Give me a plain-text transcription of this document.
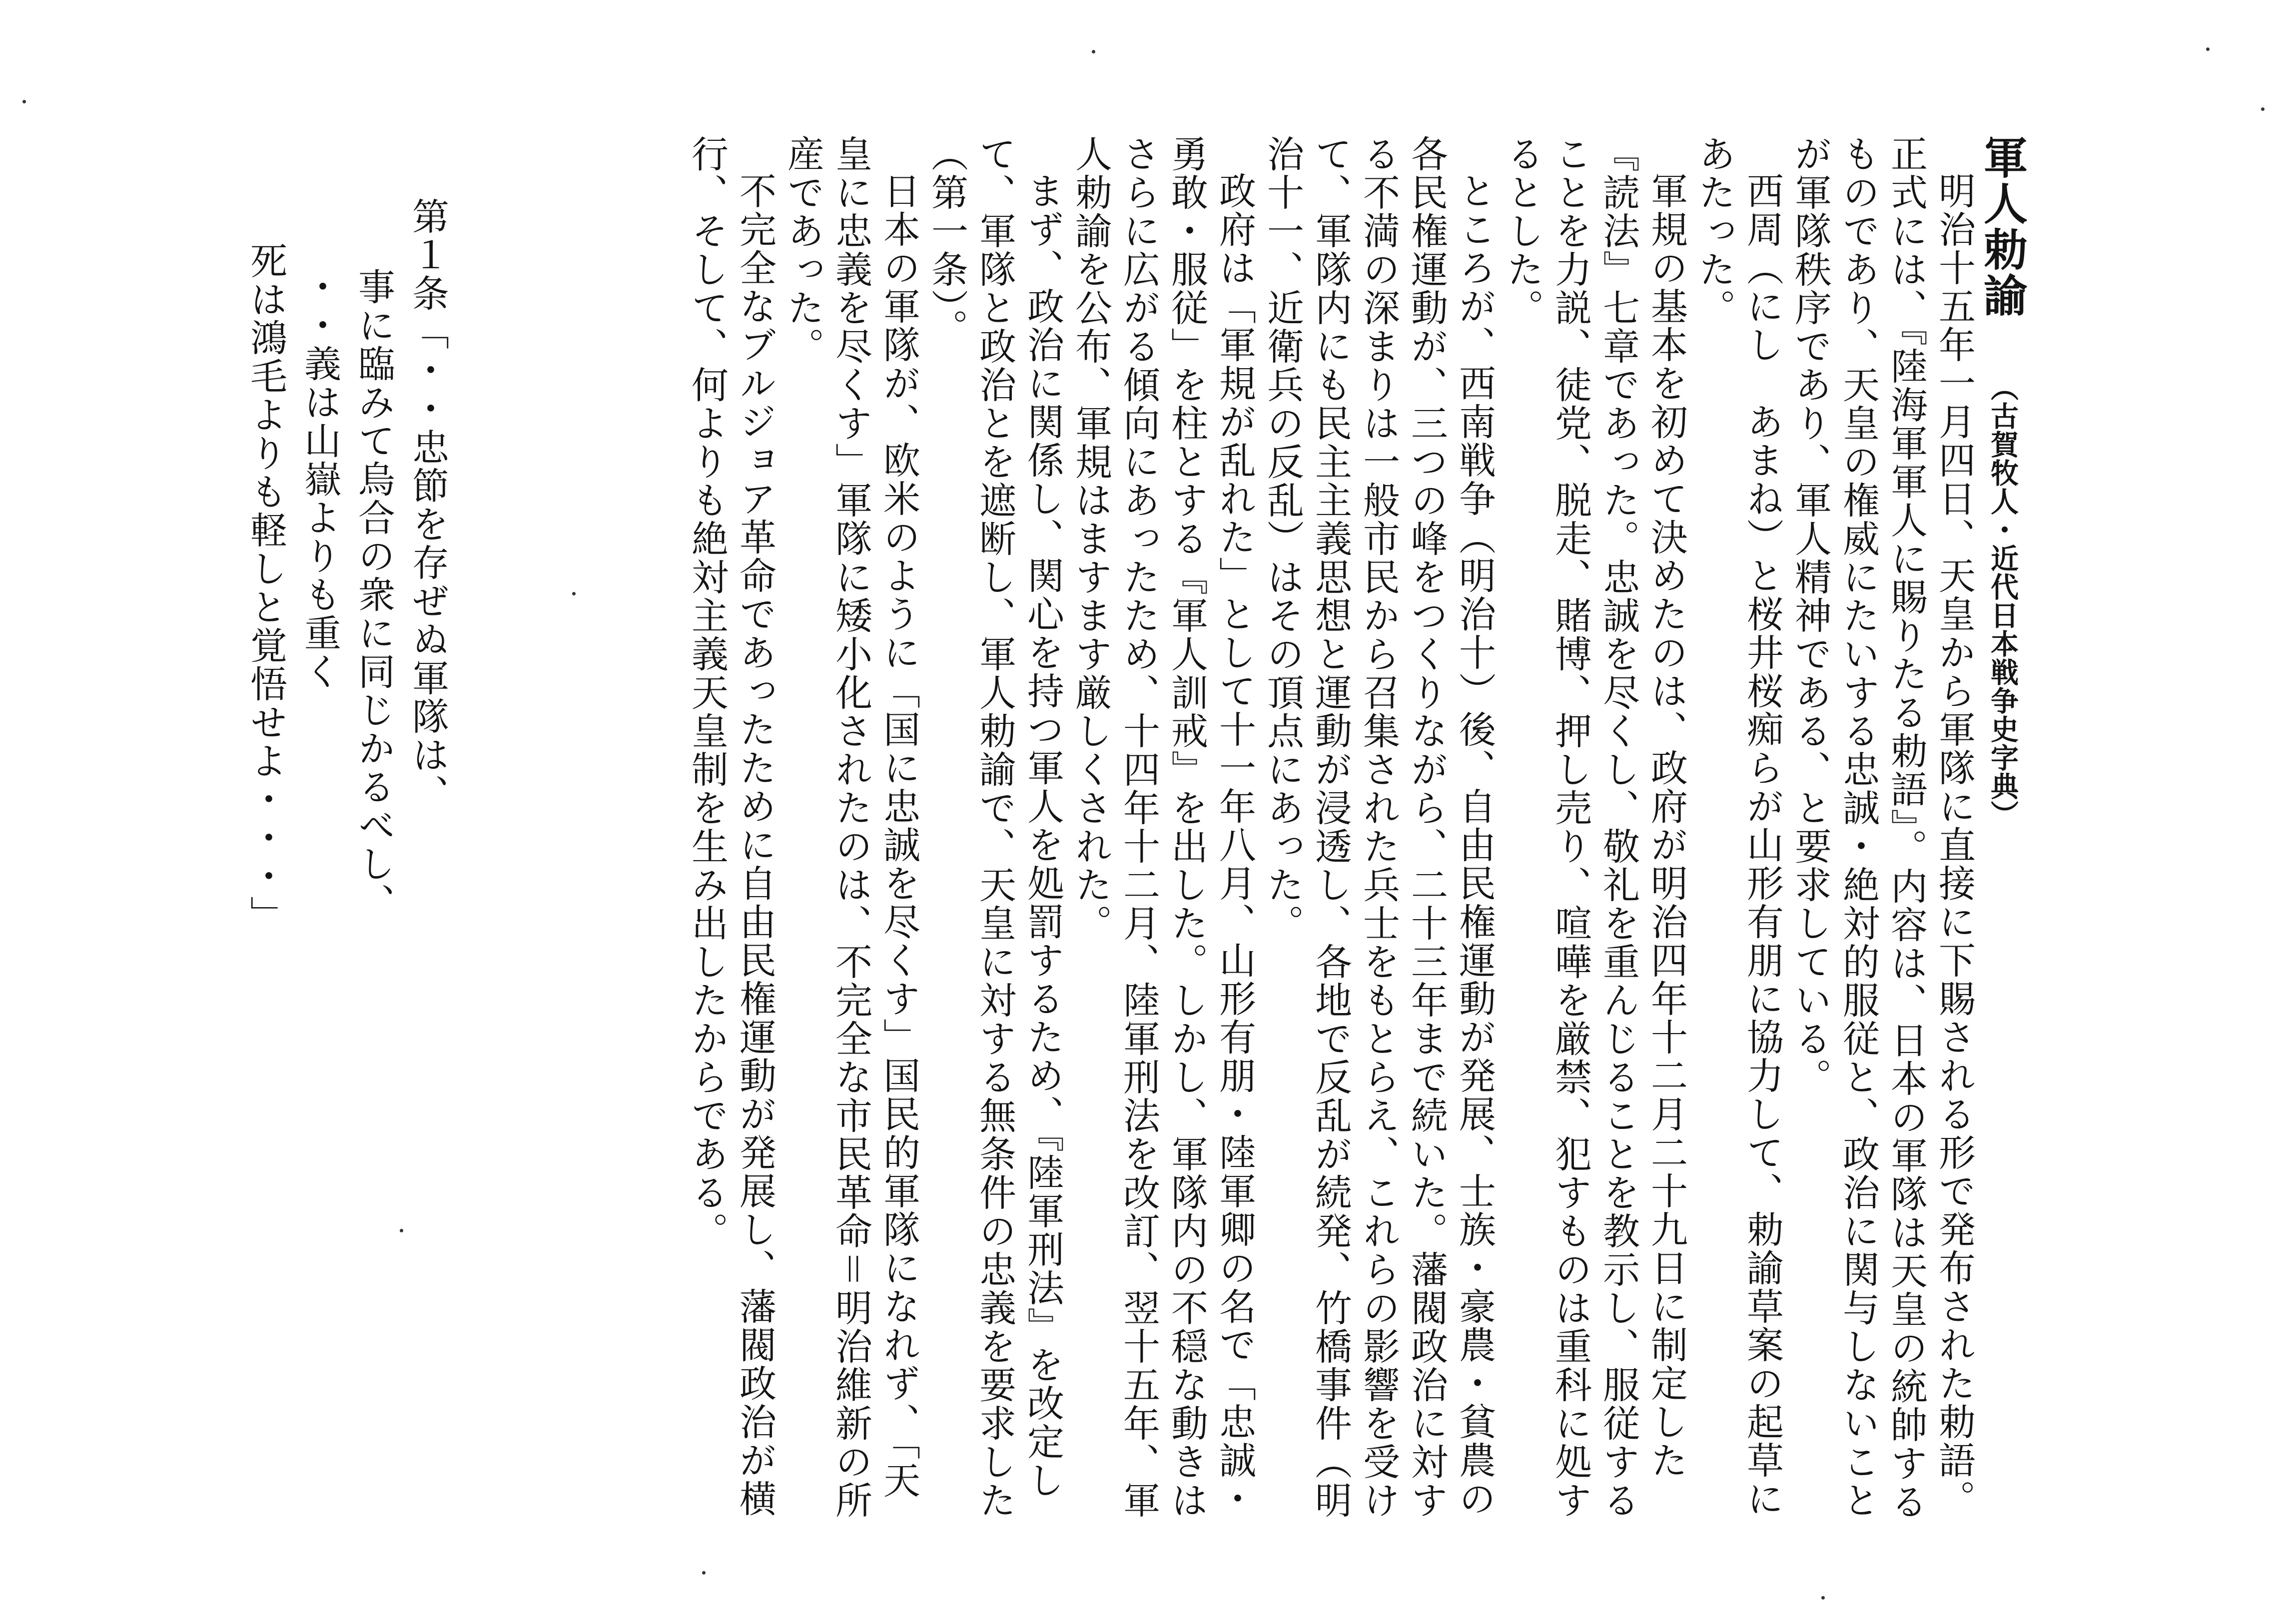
軍人勅諭 （古賀牧人・近代日本戦争史字典）

明治十五年一月四日、天皇から軍隊に直接に下賜される形で発布された勅語。正式には、『陸海軍軍人に賜りたる勅語』。内容は、日本の軍隊は天皇の統帥するものであり、天皇の権威にたいする忠誠・絶対的服従と、政治に関与しないことが軍隊秩序であり、軍人精神である、と要求している。

西周（にし　あまね）と桜井桜痴らが山形有朋に協力して、勅諭草案の起草にあたった。

軍規の基本を初めて決めたのは、政府が明治四年十二月二十九日に制定した『読法』七章であった。忠誠を尽くし、敬礼を重んじることを教示し、服従することを力説、徒党、脱走、賭博、押し売り、喧嘩を厳禁、犯すものは重科に処するとした。

ところが、西南戦争（明治十）後、自由民権運動が発展、士族・豪農・貧農の各民権運動が、三つの峰をつくりながら、二十三年まで続いた。藩閥政治に対する不満の深まりは一般市民から召集された兵士をもとらえ、これらの影響を受けて、軍隊内にも民主主義思想と運動が浸透し、各地で反乱が続発、竹橋事件（明治十一、近衛兵の反乱）はその頂点にあった。

政府は「軍規が乱れた」として十一年八月、山形有朋・陸軍卿の名で「忠誠・勇敢・服従」を柱とする『軍人訓戒』を出した。しかし、軍隊内の不穏な動きはさらに広がる傾向にあったため、十四年十二月、陸軍刑法を改訂、翌十五年、軍人勅諭を公布、軍規はますます厳しくされた。

まず、政治に関係し、関心を持つ軍人を処罰するため、『陸軍刑法』を改定して、軍隊と政治とを遮断し、軍人勅諭で、天皇に対する無条件の忠義を要求した（第一条）。

日本の軍隊が、欧米のように「国に忠誠を尽くす」国民的軍隊になれず、「天皇に忠義を尽くす」軍隊に矮小化されたのは、不完全な市民革命＝明治維新の所産であった。

不完全なブルジョア革命であったために自由民権運動が発展し、藩閥政治が横行、そして、何よりも絶対主義天皇制を生み出したからである。

第１条「・・忠節を存ぜぬ軍隊は、
事に臨みて烏合の衆に同じかるべし、
・・義は山嶽よりも重く
死は鴻毛よりも軽しと覚悟せよ・・・」
